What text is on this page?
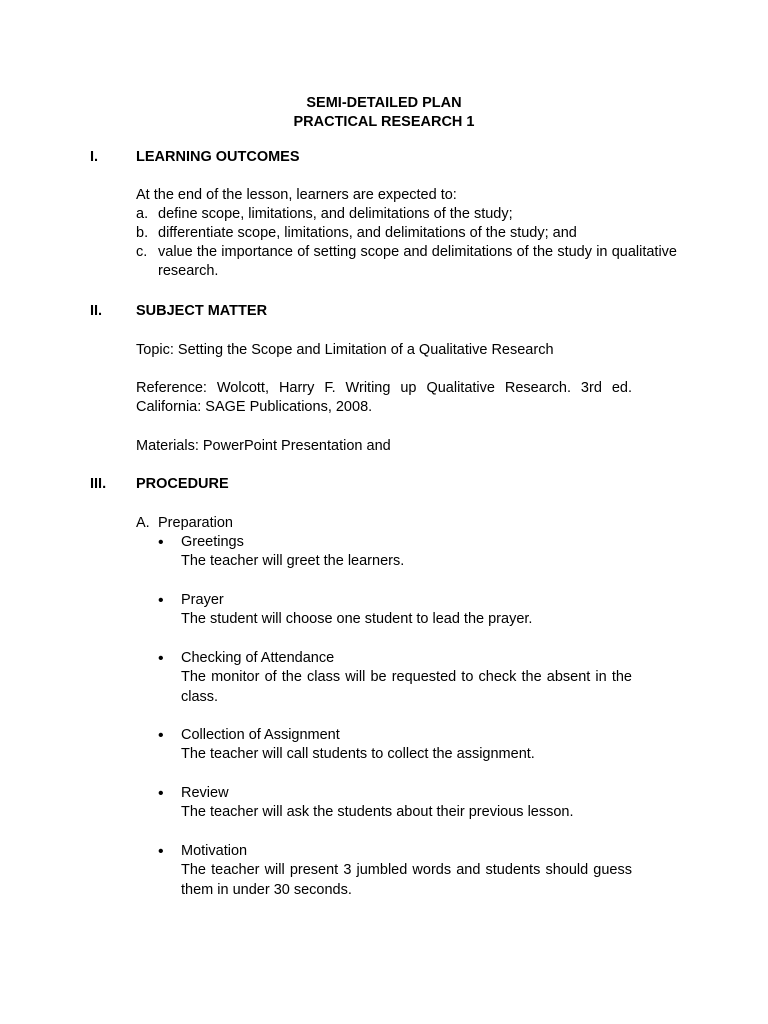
SEMI-DETAILED PLAN
PRACTICAL RESEARCH 1
I.	LEARNING OUTCOMES
At the end of the lesson, learners are expected to:
a. define scope, limitations, and delimitations of the study;
b. differentiate scope, limitations, and delimitations of the study; and
c. value the importance of setting scope and delimitations of the study in qualitative research.
II. SUBJECT MATTER
Topic: Setting the Scope and Limitation of a Qualitative Research
Reference: Wolcott, Harry F. Writing up Qualitative Research. 3rd ed. California: SAGE Publications, 2008.
Materials: PowerPoint Presentation and
III. PROCEDURE
A. Preparation
• Greetings
The teacher will greet the learners.
• Prayer
The student will choose one student to lead the prayer.
• Checking of Attendance
The monitor of the class will be requested to check the absent in the class.
• Collection of Assignment
The teacher will call students to collect the assignment.
• Review
The teacher will ask the students about their previous lesson.
• Motivation
The teacher will present 3 jumbled words and students should guess them in under 30 seconds.
